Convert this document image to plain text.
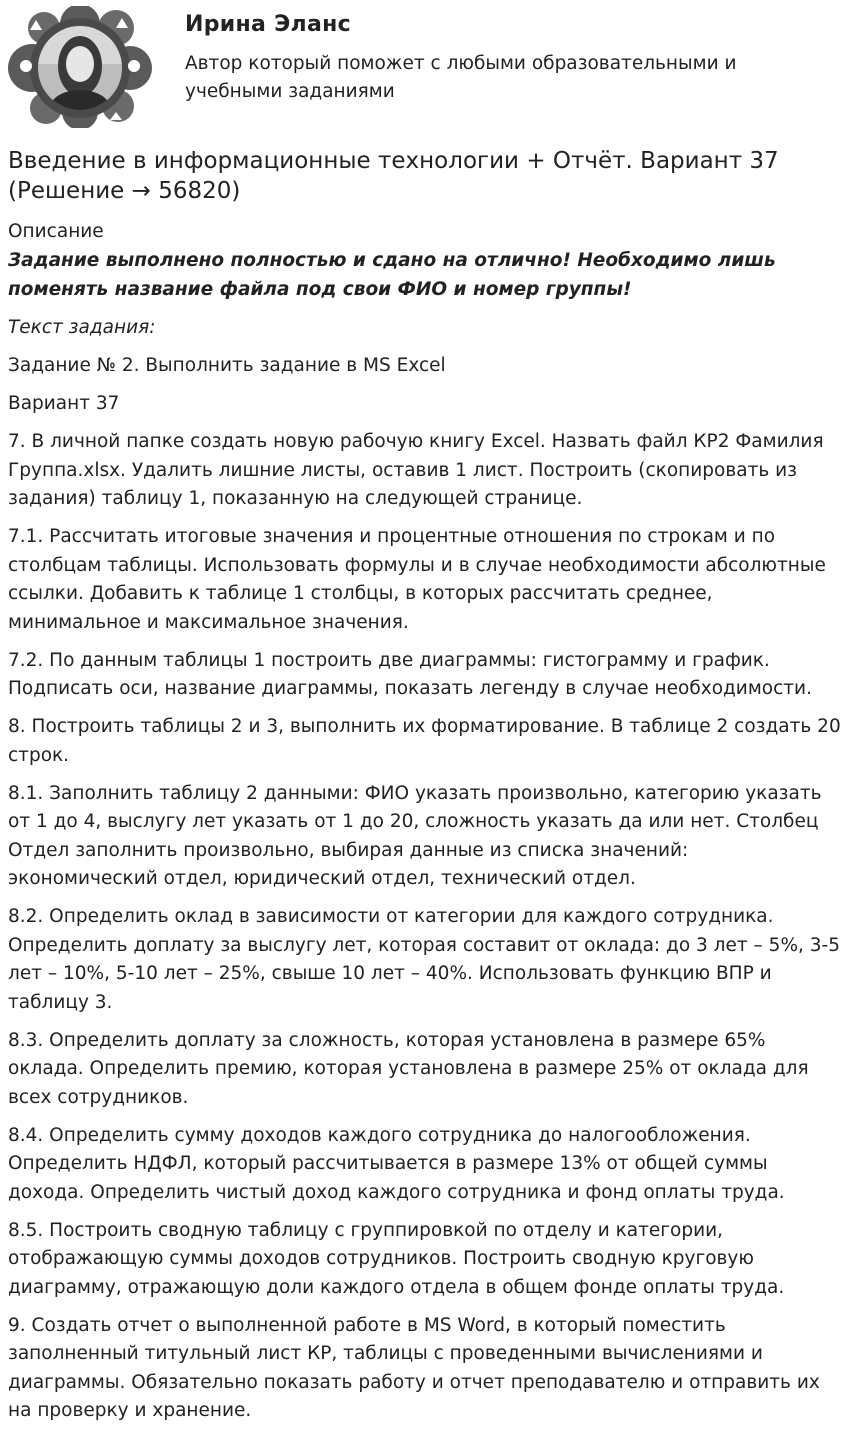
Ирина Эланс
Автор который поможет с любыми образовательными и учебными заданиями
Введение в информационные технологии + Отчёт. Вариант 37 (Решение → 56820)
Описание
Задание выполнено полностью и сдано на отлично! Необходимо лишь поменять название файла под свои ФИО и номер группы!
Текст задания:

Задание № 2. Выполнить задание в MS Excel

Вариант 37

7. В личной папке создать новую рабочую книгу Excel. Назвать файл КР2 Фамилия Группа.xlsx. Удалить лишние листы, оставив 1 лист. Построить (скопировать из задания) таблицу 1, показанную на следующей странице.

7.1. Рассчитать итоговые значения и процентные отношения по строкам и по столбцам таблицы. Использовать формулы и в случае необходимости абсолютные ссылки. Добавить к таблице 1 столбцы, в которых рассчитать среднее, минимальное и максимальное значения.

7.2. По данным таблицы 1 построить две диаграммы: гистограмму и график. Подписать оси, название диаграммы, показать легенду в случае необходимости.

8. Построить таблицы 2 и 3, выполнить их форматирование. В таблице 2 создать 20 строк.

8.1. Заполнить таблицу 2 данными: ФИО указать произвольно, категорию указать от 1 до 4, выслугу лет указать от 1 до 20, сложность указать да или нет. Столбец Отдел заполнить произвольно, выбирая данные из списка значений: экономический отдел, юридический отдел, технический отдел.

8.2. Определить оклад в зависимости от категории для каждого сотрудника. Определить доплату за выслугу лет, которая составит от оклада: до 3 лет – 5%, 3-5 лет – 10%, 5-10 лет – 25%, свыше 10 лет – 40%. Использовать функцию ВПР и таблицу 3.

8.3. Определить доплату за сложность, которая установлена в размере 65% оклада. Определить премию, которая установлена в размере 25% от оклада для всех сотрудников.

8.4. Определить сумму доходов каждого сотрудника до налогообложения. Определить НДФЛ, который рассчитывается в размере 13% от общей суммы дохода. Определить чистый доход каждого сотрудника и фонд оплаты труда.

8.5. Построить сводную таблицу с группировкой по отделу и категории, отображающую суммы доходов сотрудников. Построить сводную круговую диаграмму, отражающую доли каждого отдела в общем фонде оплаты труда.

9. Создать отчет о выполненной работе в MS Word, в который поместить заполненный титульный лист КР, таблицы с проведенными вычислениями и диаграммы. Обязательно показать работу и отчет преподавателю и отправить их на проверку и хранение.
